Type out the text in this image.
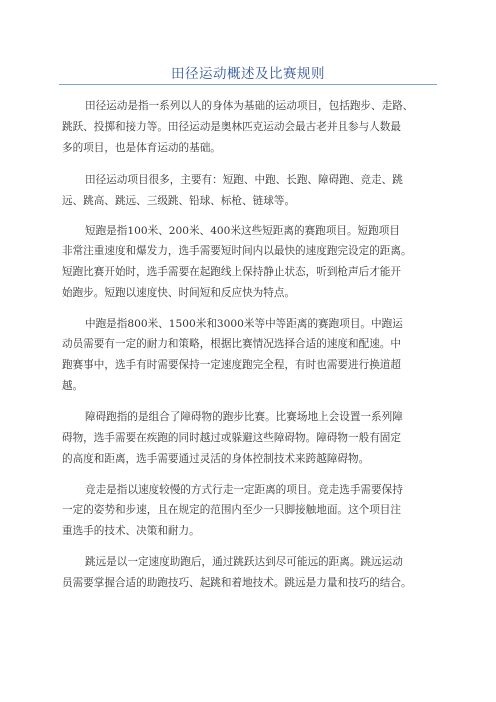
田径运动概述及比赛规则
田径运动是指一系列以人的身体为基础的运动项目，包括跑步、走路、
跳跃、投掷和接力等。田径运动是奥林匹克运动会最古老并且参与人数最
多的项目，也是体育运动的基础。
田径运动项目很多，主要有：短跑、中跑、长跑、障碍跑、竞走、跳
远、跳高、跳远、三级跳、铅球、标枪、链球等。
短跑是指100米、200米、400米这些短距离的赛跑项目。短跑项目
非常注重速度和爆发力，选手需要短时间内以最快的速度跑完设定的距离。
短跑比赛开始时，选手需要在起跑线上保持静止状态，听到枪声后才能开
始跑步。短跑以速度快、时间短和反应快为特点。
中跑是指800米、1500米和3000米等中等距离的赛跑项目。中跑运
动员需要有一定的耐力和策略，根据比赛情况选择合适的速度和配速。中
跑赛事中，选手有时需要保持一定速度跑完全程，有时也需要进行换道超
越。
障碍跑指的是组合了障碍物的跑步比赛。比赛场地上会设置一系列障
碍物，选手需要在疾跑的同时越过或躲避这些障碍物。障碍物一般有固定
的高度和距离，选手需要通过灵活的身体控制技术来跨越障碍物。
竞走是指以速度较慢的方式行走一定距离的项目。竞走选手需要保持
一定的姿势和步速，且在规定的范围内至少一只脚接触地面。这个项目注
重选手的技术、决策和耐力。
跳远是以一定速度助跑后，通过跳跃达到尽可能远的距离。跳远运动
员需要掌握合适的助跑技巧、起跳和着地技术。跳远是力量和技巧的结合。
